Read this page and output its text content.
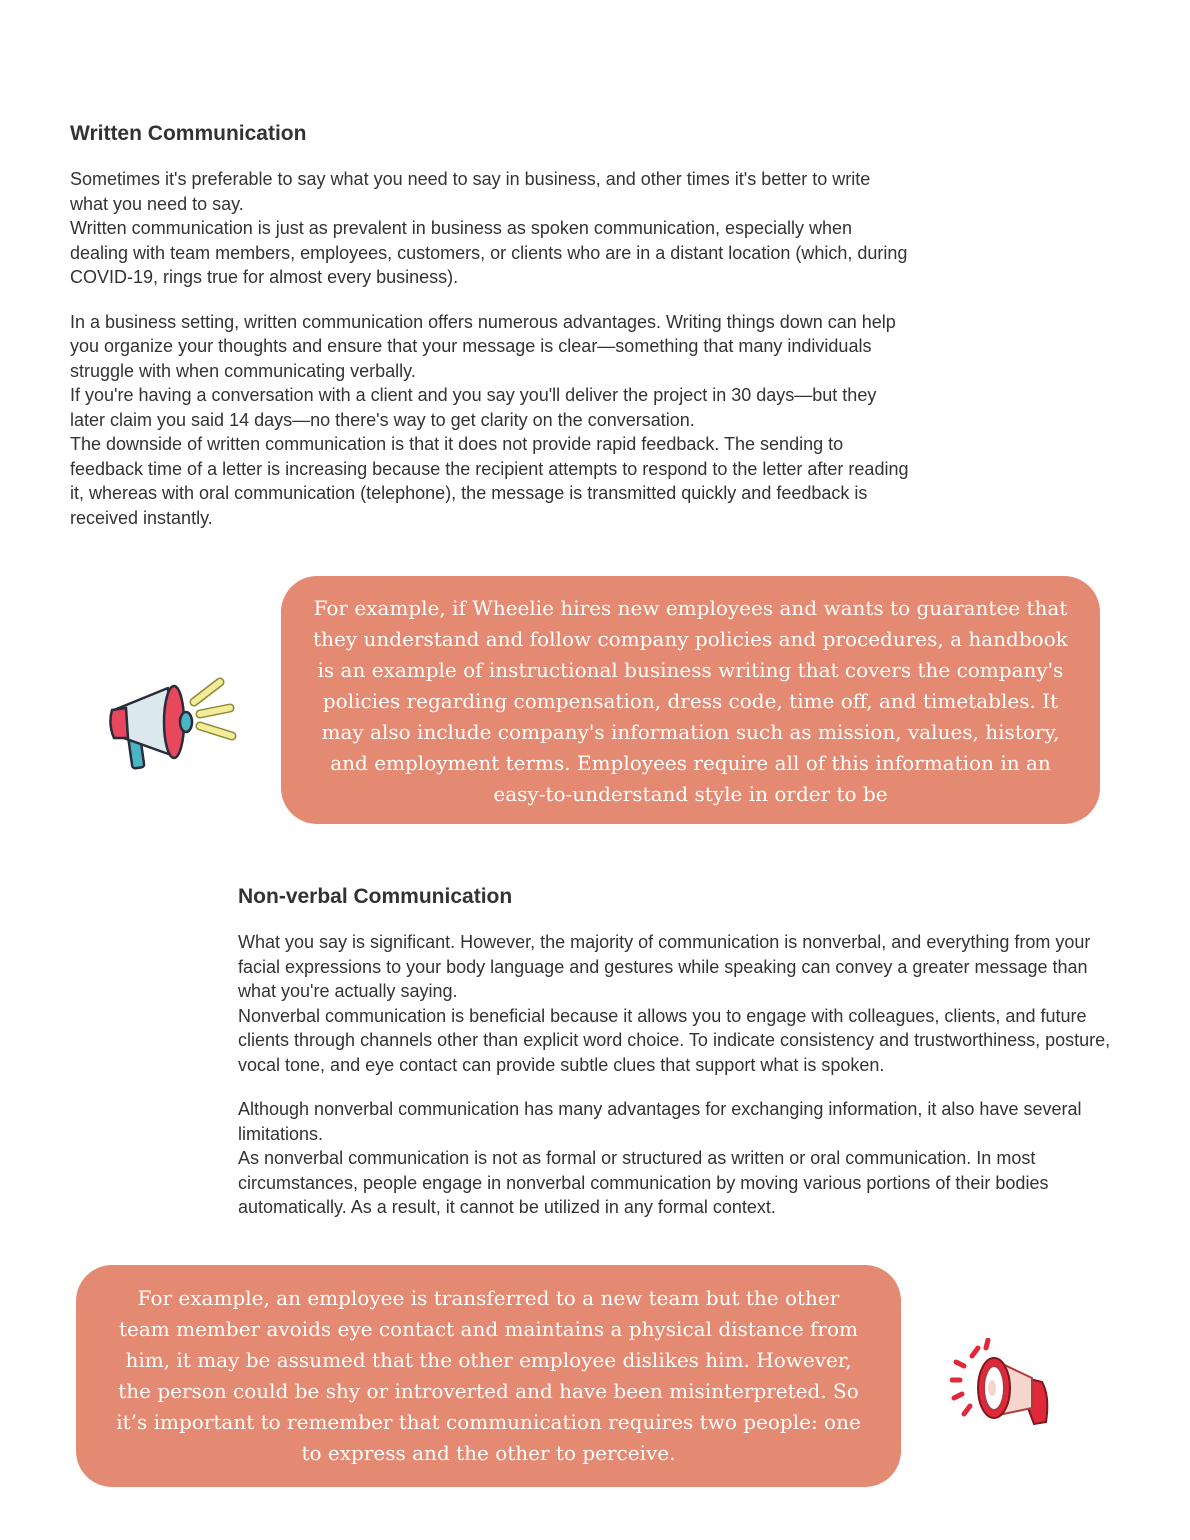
Written Communication

Sometimes it's preferable to say what you need to say in business, and other times it's better to write what you need to say.
Written communication is just as prevalent in business as spoken communication, especially when dealing with team members, employees, customers, or clients who are in a distant location (which, during COVID-19, rings true for almost every business).

In a business setting, written communication offers numerous advantages. Writing things down can help you organize your thoughts and ensure that your message is clear—something that many individuals struggle with when communicating verbally.
If you're having a conversation with a client and you say you'll deliver the project in 30 days—but they later claim you said 14 days—no there's way to get clarity on the conversation.
The downside of written communication is that it does not provide rapid feedback. The sending to feedback time of a letter is increasing because the recipient attempts to respond to the letter after reading it, whereas with oral communication (telephone), the message is transmitted quickly and feedback is received instantly.

For example, if Wheelie hires new employees and wants to guarantee that they understand and follow company policies and procedures, a handbook is an example of instructional business writing that covers the company's policies regarding compensation, dress code, time off, and timetables. It may also include company's information such as mission, values, history, and employment terms. Employees require all of this information in an easy-to-understand style in order to be
Non-verbal Communication

What you say is significant. However, the majority of communication is nonverbal, and everything from your facial expressions to your body language and gestures while speaking can convey a greater message than what you're actually saying.
Nonverbal communication is beneficial because it allows you to engage with colleagues, clients, and future clients through channels other than explicit word choice. To indicate consistency and trustworthiness, posture, vocal tone, and eye contact can provide subtle clues that support what is spoken.

Although nonverbal communication has many advantages for exchanging information, it also have several limitations.
As nonverbal communication is not as formal or structured as written or oral communication. In most circumstances, people engage in nonverbal communication by moving various portions of their bodies automatically. As a result, it cannot be utilized in any formal context.

For example, an employee is transferred to a new team but the other team member avoids eye contact and maintains a physical distance from him, it may be assumed that the other employee dislikes him. However, the person could be shy or introverted and have been misinterpreted. So it’s important to remember that communication requires two people: one to express and the other to perceive.
